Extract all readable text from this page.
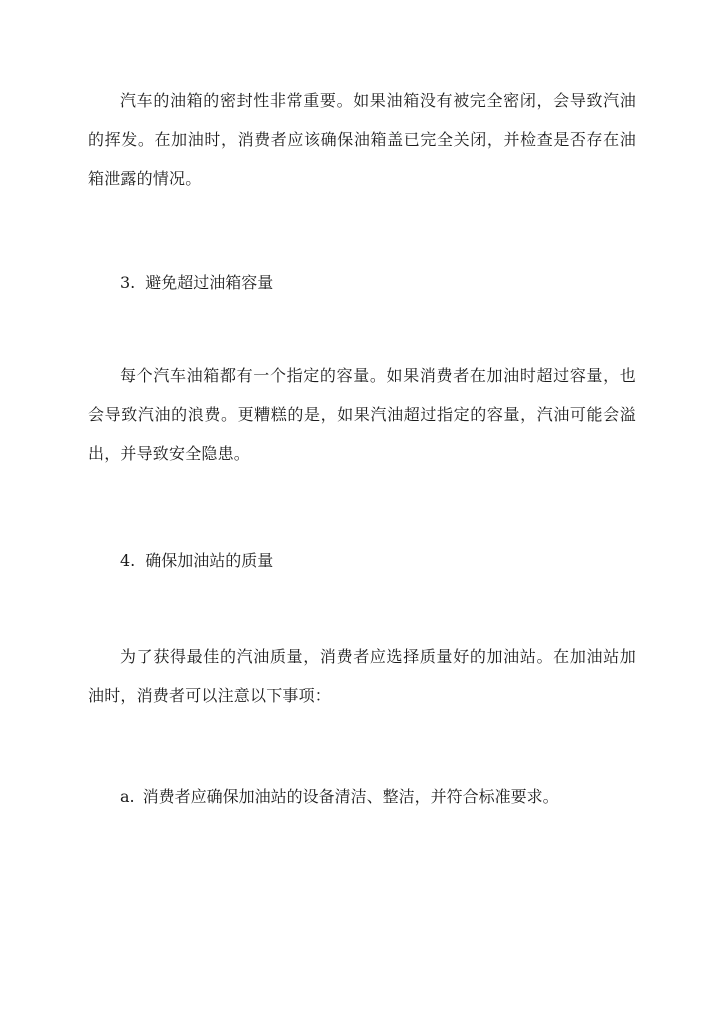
汽车的油箱的密封性非常重要。如果油箱没有被完全密闭，会导致汽油的挥发。在加油时，消费者应该确保油箱盖已完全关闭，并检查是否存在油箱泄露的情况。

3. 避免超过油箱容量

每个汽车油箱都有一个指定的容量。如果消费者在加油时超过容量，也会导致汽油的浪费。更糟糕的是，如果汽油超过指定的容量，汽油可能会溢出，并导致安全隐患。

4. 确保加油站的质量

为了获得最佳的汽油质量，消费者应选择质量好的加油站。在加油站加油时，消费者可以注意以下事项：

a. 消费者应确保加油站的设备清洁、整洁，并符合标准要求。
